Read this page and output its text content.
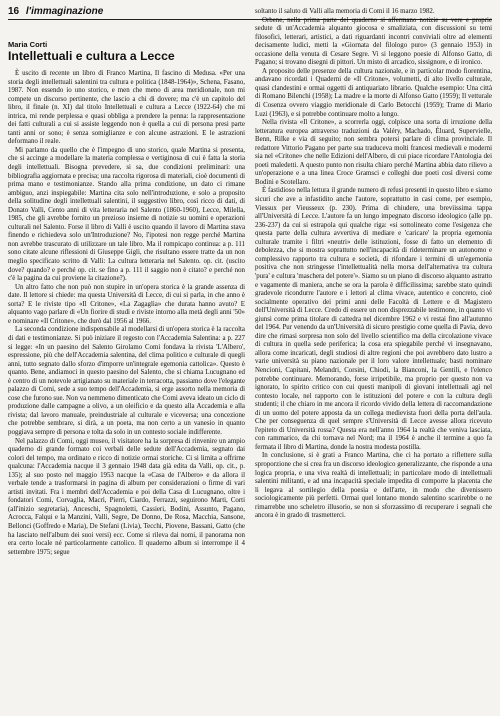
16 l'immaginazione
Maria Corti
Intellettuali e cultura a Lecce

È uscito di recente un libro di Franco Martina, Il fascino di Medusa. «Per una storia degli intellettuali salentini tra cultura e politica (1848-1964)», Schena, Fasano, 1987. Non essendo io uno storico, e men che meno di area meridionale, non mi compete un discorso pertinente, che lascio a chi di dovere; ma c'è un capitolo del libro, il finale (n. XI) dal titolo Intellettuali e cultura a Lecce (1922-64) che mi intrica, mi rende perplessa e quasi obbliga a prendere la penna: la rappresentazione dei fatti culturali a cui si assiste leggendo non è quella a cui di persona presi parte tanti anni or sono; è senza somiglianze e con alcune astrazioni. E le astrazioni deformano il reale.

Mi parlamo da quello che è l'impegno di uno storico, quale Martina si presenta, che si accinge a modellare la materia complessa e vertiginosa di cui è fatta la storia degli intellettuali. Bisogna prevedere, si sa, due condizioni preliminari: una bibliografia aggiornata e precisa; una raccolta rigorosa di materiali, cioè documenti di prima mano e testimonianze. Stando alla prima condizione, un dato ci rimane ambiguo, anzi inspiegabile: Martina cita solo nell'introduzione, e solo a proposito della solitudine degli intellettuali salentini, il suggestivo libro, così ricco di dati, di Donato Valli, Cento anni di vita letteraria nel Salento (1860-1960), Lecce, Milella, 1985, che gli avrebbe fornito un prezioso insieme di notizie su uomini e operazioni culturali nel Salento. Forse il libro di Valli è uscito quando il lavoro di Martina stava finendo e richiedeva solo un'Introduzione? No, l'ipotesi non regge perché Martina non avrebbe trascurato di utilizzare un tale libro. Ma il rompicapo continua: a p. 111 sono citate alcune riflessioni di Giuseppe Gigli, che risultano essere tratte da un non meglio specificato scritto di Valli: La cultura letteraria nel Salento. op. cit. (uscito dove? quando? e perché op. cit. se fino a p. 111 il saggio non è citato? e perché non c'è la pagina da cui proviene la citazione?).

Un altro fatto che non può non stupire in un'opera storica è la grande assenza di date. Il lettore si chiede: ma questa Università di Lecce, di cui si parla, in che anno è sorta? E le riviste tipo «Il Critone», «La Zagaglia» che durata hanno avuto? E alquanto vago parlare di «Un fiorire di studi e riviste intorno alla metà degli anni '50» e nominare «Il Critone», che durò dal 1956 al 1966.

La seconda condizione indispensabile al modellarsi di un'opera storica è la raccolta di dati e testimonianze. Si può iniziare il regesto con l'Accademia Salentina: a p. 227 si legge: «In un paesino del Salento Girolamo Comi fondava la rivista 'L'Albero', espressione, più che dell'Accademia salentina, del clima politico e culturale di quegli anni, tutto segnato dallo sforzo d'imporre un'integrale egemonia cattolica». Questo è quanto. Bene, andiamoci in questo paesino del Salento, che si chiama Lucugnano ed è centro di un notevole artigianato su materiale in terracotta, passiamo dove l'elegante palazzo di Comi, sede a suo tempo dell'Accademia, si erge assorto nella memoria di cose che furono sue. Non va nemmeno dimenticato che Comi aveva ideato un ciclo di produzione dalle campagne a olivo, a un oleificio e da questo alla Accademia e alla rivista; dal lavoro manuale, preindustriale al culturale e viceversa; una concezione che potrebbe sembrare, si dirà, a un poeta, ma non certo a un vanesio in quanto poggiava sempre di persona e tolta da solo in un contesto sociale indifferente.

Nel palazzo di Comi, oggi museo, il visitatore ha la sorpresa di rinvenire un ampio quaderno di grande formato coi verbali delle sedute dell'Accademia, segnato dai colori del tempo, ma ordinato e ricco di notizie ormai storiche. Ci si limita a offrirne qualcuna: l'Accademia nacque il 3 gennaio 1948 data già edita da Valli, op. cit., p. 135); al suo posto nel maggio 1953 nacque la «Casa de l'Albero» e da allora il verbale tende a trasformarsi in pagina di album per considerazioni o firme di vari artisti invitati. Fra i membri dell'Accademia e poi della Casa di Lucugnano, oltre i fondatori Comi, Corvaglia, Macrì, Pierri, Ciardo, Ferrazzi, seguirono Marti, Corti (all'inizio segretaria), Anceschi, Spagnoletti, Cassieri, Bodini, Assunto, Pagano, Acrocca, Falqui e la Manzini, Valli, Segre, De Donno, De Rosa, Macchia, Sansone, Bellonci (Goffredo e Maria), De Stefani (Livia), Tecchi, Piovene, Bassani, Gatto (che ha lasciato nell'album dei suoi versi) ecc. Come si rileva dai nomi, il panorama non era certo locale né particolarmente cattolico. Il quaderno album si interrompe il 4 settembre 1975; segue

soltanto il saluto di Valli alla memoria di Comi il 16 marzo 1982.

Orbene, nella prima parte del quaderno si affermano notizie su vere e proprie sedute di un'Accademia alquanto giocosa e smaliziata, con discussioni su temi filosofici, letterari, artistici, a dati riguardanti incontri conviviali oltre ad elementi decisamente ludici, metti la «Giornata del filologo puro» (3 gennaio 1953) in occasione della venuta di Cesare Segre. Vi si leggono poesie di Alfonso Gatto, di Pagano; si trovano disegni di pittori. Un misto di arcadico, sissignore, e di ironico.

A proposito delle presenze della cultura nazionale, e in particolar modo fiorentina, andavano ricordati i Quaderni de «Il Critone», volumetti, di alto livello culturale, quasi clandestini e ormai oggetti di antiquariato librario. Qualche esempio: Una città di Romano Bilenchi (1958); La madre e la morte di Alfonso Gatto (1959); Il vetturale di Cosenza ovvero viaggio meridionale di Carlo Betocchi (1959); Trame di Mario Luzi (1963), e si potrebbe continuare molto a lungo.

Nella rivista «Il Critone», a scorrerla oggi, colpisce una sorta di irruzione della letteratura europea attraverso traduzioni da Valéry, Machado, Éluard, Supervielle, Benn, Rilke e via di seguito; non sembra potersi parlare di clima provinciale. Il redattore Vittorio Pagano per parte sua traduceva molti francesi medievali e moderni sia nel «Critone» che nelle Edizioni dell'Albero, di cui piace ricordare l'Antologia dei poeti maledetti. A questo punto non risulta chiaro perché Martina abbia dato rilievo a un'operazione e a una linea Croce Gramsci e colleghi due poeti così diversi come Bodini e Scotellaro.

È fastidioso nella lettura il grande numero di refusi presenti in questo libro e siamo sicuri che ave a infastidito anche l'autore, soprattutto in casi come, per esempio, Viessux per Vieusseux (p. 230). Prima di chiudere, una breviissima tappa all'Università di Lecce. L'autore fa un lungo impegnato discorso ideologico (alle pp. 236-237) da cui si estrapola qui qualche riga: «si sottolineato come l'esigenza che questa parte della cultura avvertiva di mediare e 'caricare' la propria egemonia culturale tramite i filtri «neutri» delle istituzioni, fosse di fatto un elemento di debolezza, che si mostra soprattutto nell'incapacità di rideterminare un autonomo e complessivo rapporto tra cultura e società, di rifondare i termini di un'egemonia positiva che non stringesse l'intellettualità nella morsa dell'alternativa tra cultura 'pura' e cultura 'maschera del potere'». Siamo su un piano di discorso alquanto astratto e vagamente di maniera, anche se ora la parola è difficilissima; sarebbe stato quindi gradevole ricondurre l'autore e i lettori al clima vivace, autentico e concreto, cioè socialmente operativo dei primi anni delle Facoltà di Lettere e di Magistero dell'Università di Lecce. Credo di essere un non disprezzabile testimone, in quanto vi giunsi come prima titolare di cattedra nel dicembre 1962 e vi restai fino all'autunno del 1964. Pur venendo da un'Università di sicuro prestigio come quella di Pavia, devo dire che rimasi sorpresa non solo del livello scientifico ma della circolazione vivace di cultura in quella sede periferica; la cosa era spiegabile perché vi insegnavano, allora come incaricati, degli studiosi di altre regioni che poi avrebbero dato lustro a varie università su piano nazionale per il loro valore intellettuale; basti nominare Nencioni, Capitani, Melandri, Corsini, Chiodi, la Bianconi, la Gentili, e l'elenco potrebbe continuare. Memorando, forse irripetibile, ma proprio per questo non va ignorato, lo spirito critico con cui questi manipoli di giovani intellettuali agì nel contesto locale, nel rapporto con le istituzioni del potere e con la cultura degli studenti; il che chiaro in me ancora il ricordo vivido della lettera di raccomandazione di un uomo del potere apposta da un collega medievista fuori della porta dell'aula. Che per conseguenza di quel sempre s'Università di Lecce avesse allora ricevuto l'epiteto di Università rossa? Questa era nell'anno 1964 la realtà che veniva lasciata, con rammarico, da chi tornava nel Nord; ma il 1964 è anche il termine a quo fa fermata il libro di Martina, donde la nostra modesta postilla.

In conclusione, si è grati a Franco Martina, che ci ha portato a riflettere sulla sproporzione che si crea fra un discorso ideologico generalizzante, che risponde a una logica propria, e una viva realtà di intellettuali; in particolare modo di intellettuali salentini militanti, e ad una incapacità speciale impedita di comporre la placenta che li legava al sortilegio della poesia e dell'arte, in modo che divenissero sociologicamente più perfetti. Ormai quel lontano mondo salentino scarirebbe o ne rimarrebbe uno scheletro illusorio, se non si sforzassimo di recuperare i segnali che ancora è in grado di trasmetterci.
